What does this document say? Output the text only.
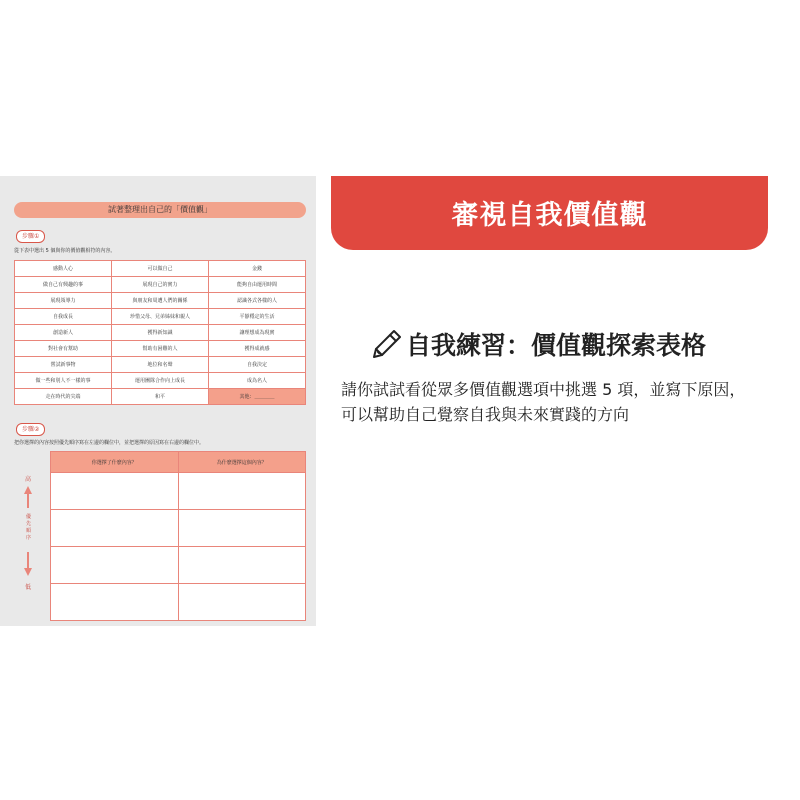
試著整理出自己的「價值觀」
步驟①
從下表中選出 5 個與你的價值觀相符的內容。
感動人心	可以做自己	金錢
做自己有興趣的事	展現自己的實力	能夠自由運用時間
展現領導力	與朋友和周遭人們的關係	認識各式各樣的人
自我成長	珍惜父母、兄弟姊妹和親人	平靜穩定的生活
創造新人	獲得新知識	讓理想成為現實
對社會有幫助	幫助有困難的人	獲得成就感
嘗試新事物	地位和名聲	自我決定
做一些和別人不一樣的事	運用團隊合作向上成長	成為名人
走在時代的尖端	和平	其他：＿＿＿＿
步驟②
把你選擇的內容按照優先順序寫在左邊的欄位中，並把選擇的原因寫在右邊的欄位中。
高
優先順序
低
你選擇了什麼內容？	為什麼選擇這個內容？

審視自我價值觀
自我練習：價值觀探索表格
請你試試看從眾多價值觀選項中挑選 5 項，並寫下原因，
可以幫助自己覺察自我與未來實踐的方向
